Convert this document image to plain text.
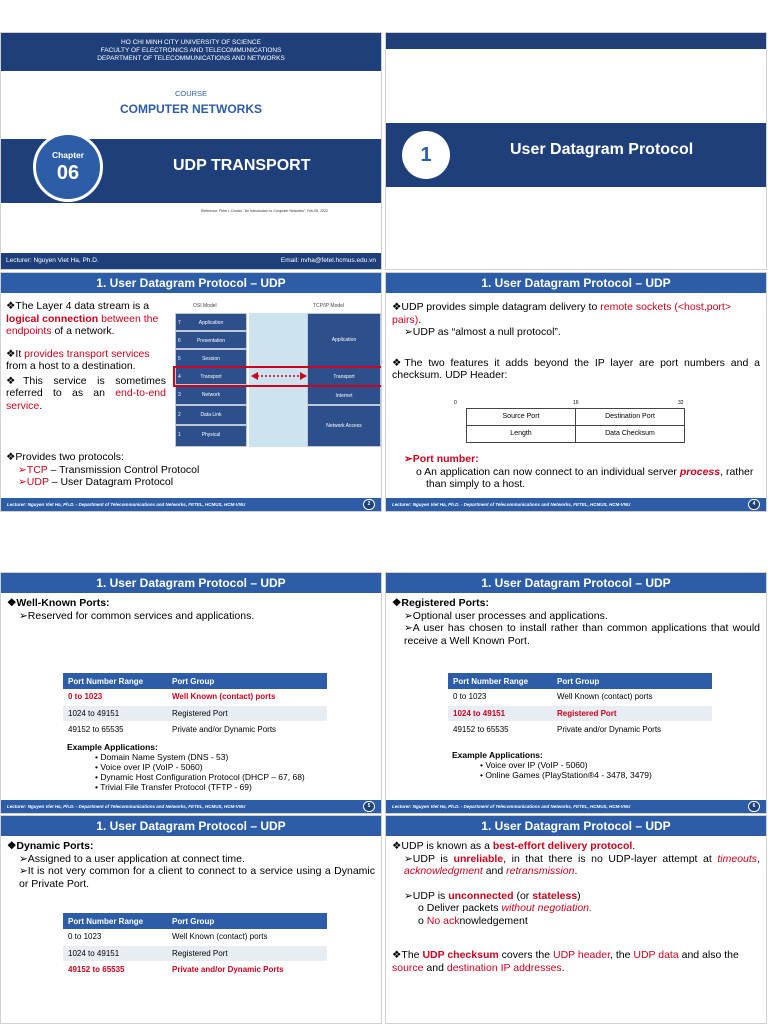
HO CHI MINH CITY UNIVERSITY OF SCIENCE
FACULTY OF ELECTRONICS AND TELECOMMUNICATIONS
DEPARTMENT OF TELECOMMUNICATIONS AND NETWORKS
COURSE
COMPUTER NETWORKS
Chapter
06	UDP TRANSPORT
Reference: Peter L Dordal, "An Introduction to Computer Networks", Feb.05, 2022
Lecturer: Nguyen Viet Ha, Ph.D.	Email: nvha@fetel.hcmus.edu.vn
1	User Datagram Protocol
1. User Datagram Protocol – UDP
❖The Layer 4 data stream is a logical connection between the endpoints of a network.
❖It provides transport services from a host to a destination.
❖This service is sometimes referred to as an end-to-end service.
❖Provides two protocols:
➢TCP – Transmission Control Protocol
➢UDP – User Datagram Protocol
OSI Model	TCP/IP Model
7	Application
6	Presentation
5	Session
4	Transport
3	Network
2	Data Link
1	Physical
Application
Transport
Internet
Network Access
Lecturer: Nguyen Viet Ha, Ph.D. - Department of Telecommunications and Networks, FETEL, HCMUS, HCM-VNU	2
1. User Datagram Protocol – UDP
❖UDP provides simple datagram delivery to remote sockets (<host,port> pairs).
➢UDP as “almost a null protocol”.
❖The two features it adds beyond the IP layer are port numbers and a checksum. UDP Header:
0	16	32
Source Port	Destination Port
Length	Data Checksum
➢Port number:
o An application can now connect to an individual server process, rather than simply to a host.
Lecturer: Nguyen Viet Ha, Ph.D. - Department of Telecommunications and Networks, FETEL, HCMUS, HCM-VNU	4
1. User Datagram Protocol – UDP
❖Well-Known Ports:
➢Reserved for common services and applications.
Port Number Range	Port Group
0 to 1023	Well Known (contact) ports
1024 to 49151	Registered Port
49152 to 65535	Private and/or Dynamic Ports
Example Applications:
• Domain Name System (DNS - 53)
• Voice over IP (VoIP - 5060)
• Dynamic Host Configuration Protocol (DHCP – 67, 68)
• Trivial File Transfer Protocol (TFTP - 69)
Lecturer: Nguyen Viet Ha, Ph.D. - Department of Telecommunications and Networks, FETEL, HCMUS, HCM-VNU	5
1. User Datagram Protocol – UDP
❖Registered Ports:
➢Optional user processes and applications.
➢A user has chosen to install rather than common applications that would receive a Well Known Port.
Port Number Range	Port Group
0 to 1023	Well Known (contact) ports
1024 to 49151	Registered Port
49152 to 65535	Private and/or Dynamic Ports
Example Applications:
• Voice over IP (VoIP - 5060)
• Online Games (PlayStation®4 - 3478, 3479)
Lecturer: Nguyen Viet Ha, Ph.D. - Department of Telecommunications and Networks, FETEL, HCMUS, HCM-VNU	6
1. User Datagram Protocol – UDP
❖Dynamic Ports:
➢Assigned to a user application at connect time.
➢It is not very common for a client to connect to a service using a Dynamic or Private Port.
Port Number Range	Port Group
0 to 1023	Well Known (contact) ports
1024 to 49151	Registered Port
49152 to 65535	Private and/or Dynamic Ports
1. User Datagram Protocol – UDP
❖UDP is known as a best-effort delivery protocol.
➢UDP is unreliable, in that there is no UDP-layer attempt at timeouts, acknowledgment and retransmission.
➢UDP is unconnected (or stateless)
o Deliver packets without negotiation.
o No acknowledgement
❖The UDP checksum covers the UDP header, the UDP data and also the source and destination IP addresses.
